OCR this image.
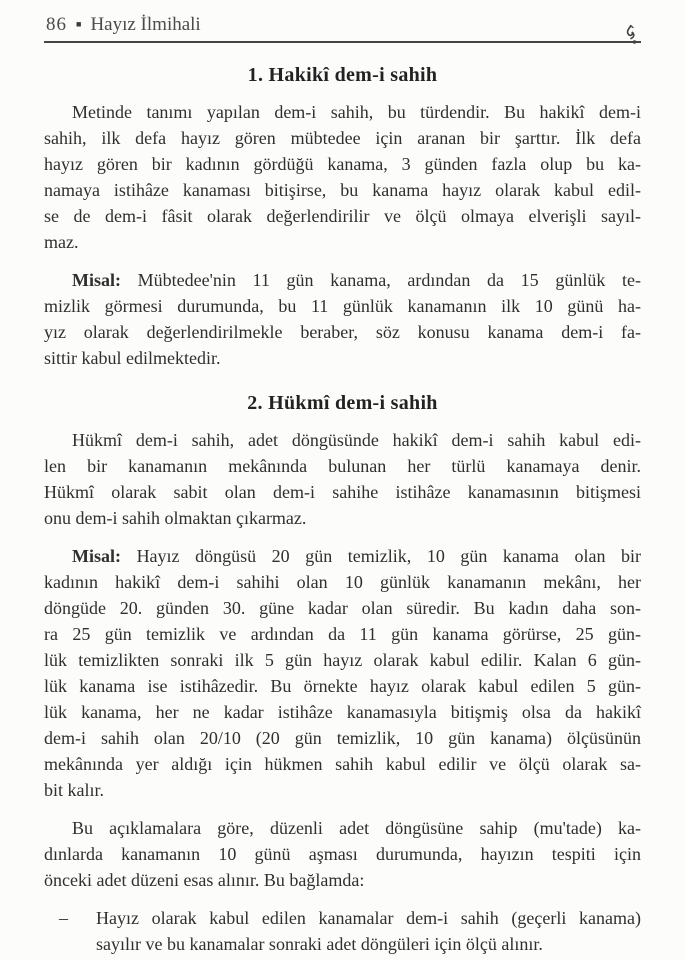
86 ■ Hayız İlmihali
1. Hakikî dem-i sahih
Metinde tanımı yapılan dem-i sahih, bu türdendir. Bu hakikî dem-i
sahih, ilk defa hayız gören mübtedee için aranan bir şarttır. İlk defa
hayız gören bir kadının gördüğü kanama, 3 günden fazla olup bu ka-
namaya istihâze kanaması bitişirse, bu kanama hayız olarak kabul edil-
se de dem-i fâsit olarak değerlendirilir ve ölçü olmaya elverişli sayıl-
maz.
Misal: Mübtedee'nin 11 gün kanama, ardından da 15 günlük te-
mizlik görmesi durumunda, bu 11 günlük kanamanın ilk 10 günü ha-
yız olarak değerlendirilmekle beraber, söz konusu kanama dem-i fa-
sittir kabul edilmektedir.
2. Hükmî dem-i sahih
Hükmî dem-i sahih, adet döngüsünde hakikî dem-i sahih kabul edi-
len bir kanamanın mekânında bulunan her türlü kanamaya denir.
Hükmî olarak sabit olan dem-i sahihe istihâze kanamasının bitişmesi
onu dem-i sahih olmaktan çıkarmaz.
Misal: Hayız döngüsü 20 gün temizlik, 10 gün kanama olan bir
kadının hakikî dem-i sahihi olan 10 günlük kanamanın mekânı, her
döngüde 20. günden 30. güne kadar olan süredir. Bu kadın daha son-
ra 25 gün temizlik ve ardından da 11 gün kanama görürse, 25 gün-
lük temizlikten sonraki ilk 5 gün hayız olarak kabul edilir. Kalan 6 gün-
lük kanama ise istihâzedir. Bu örnekte hayız olarak kabul edilen 5 gün-
lük kanama, her ne kadar istihâze kanamasıyla bitişmiş olsa da hakikî
dem-i sahih olan 20/10 (20 gün temizlik, 10 gün kanama) ölçüsünün
mekânında yer aldığı için hükmen sahih kabul edilir ve ölçü olarak sa-
bit kalır.
Bu açıklamalara göre, düzenli adet döngüsüne sahip (mu'tade) ka-
dınlarda kanamanın 10 günü aşması durumunda, hayızın tespiti için
önceki adet düzeni esas alınır. Bu bağlamda:
–	Hayız olarak kabul edilen kanamalar dem-i sahih (geçerli kanama)
sayılır ve bu kanamalar sonraki adet döngüleri için ölçü alınır.
